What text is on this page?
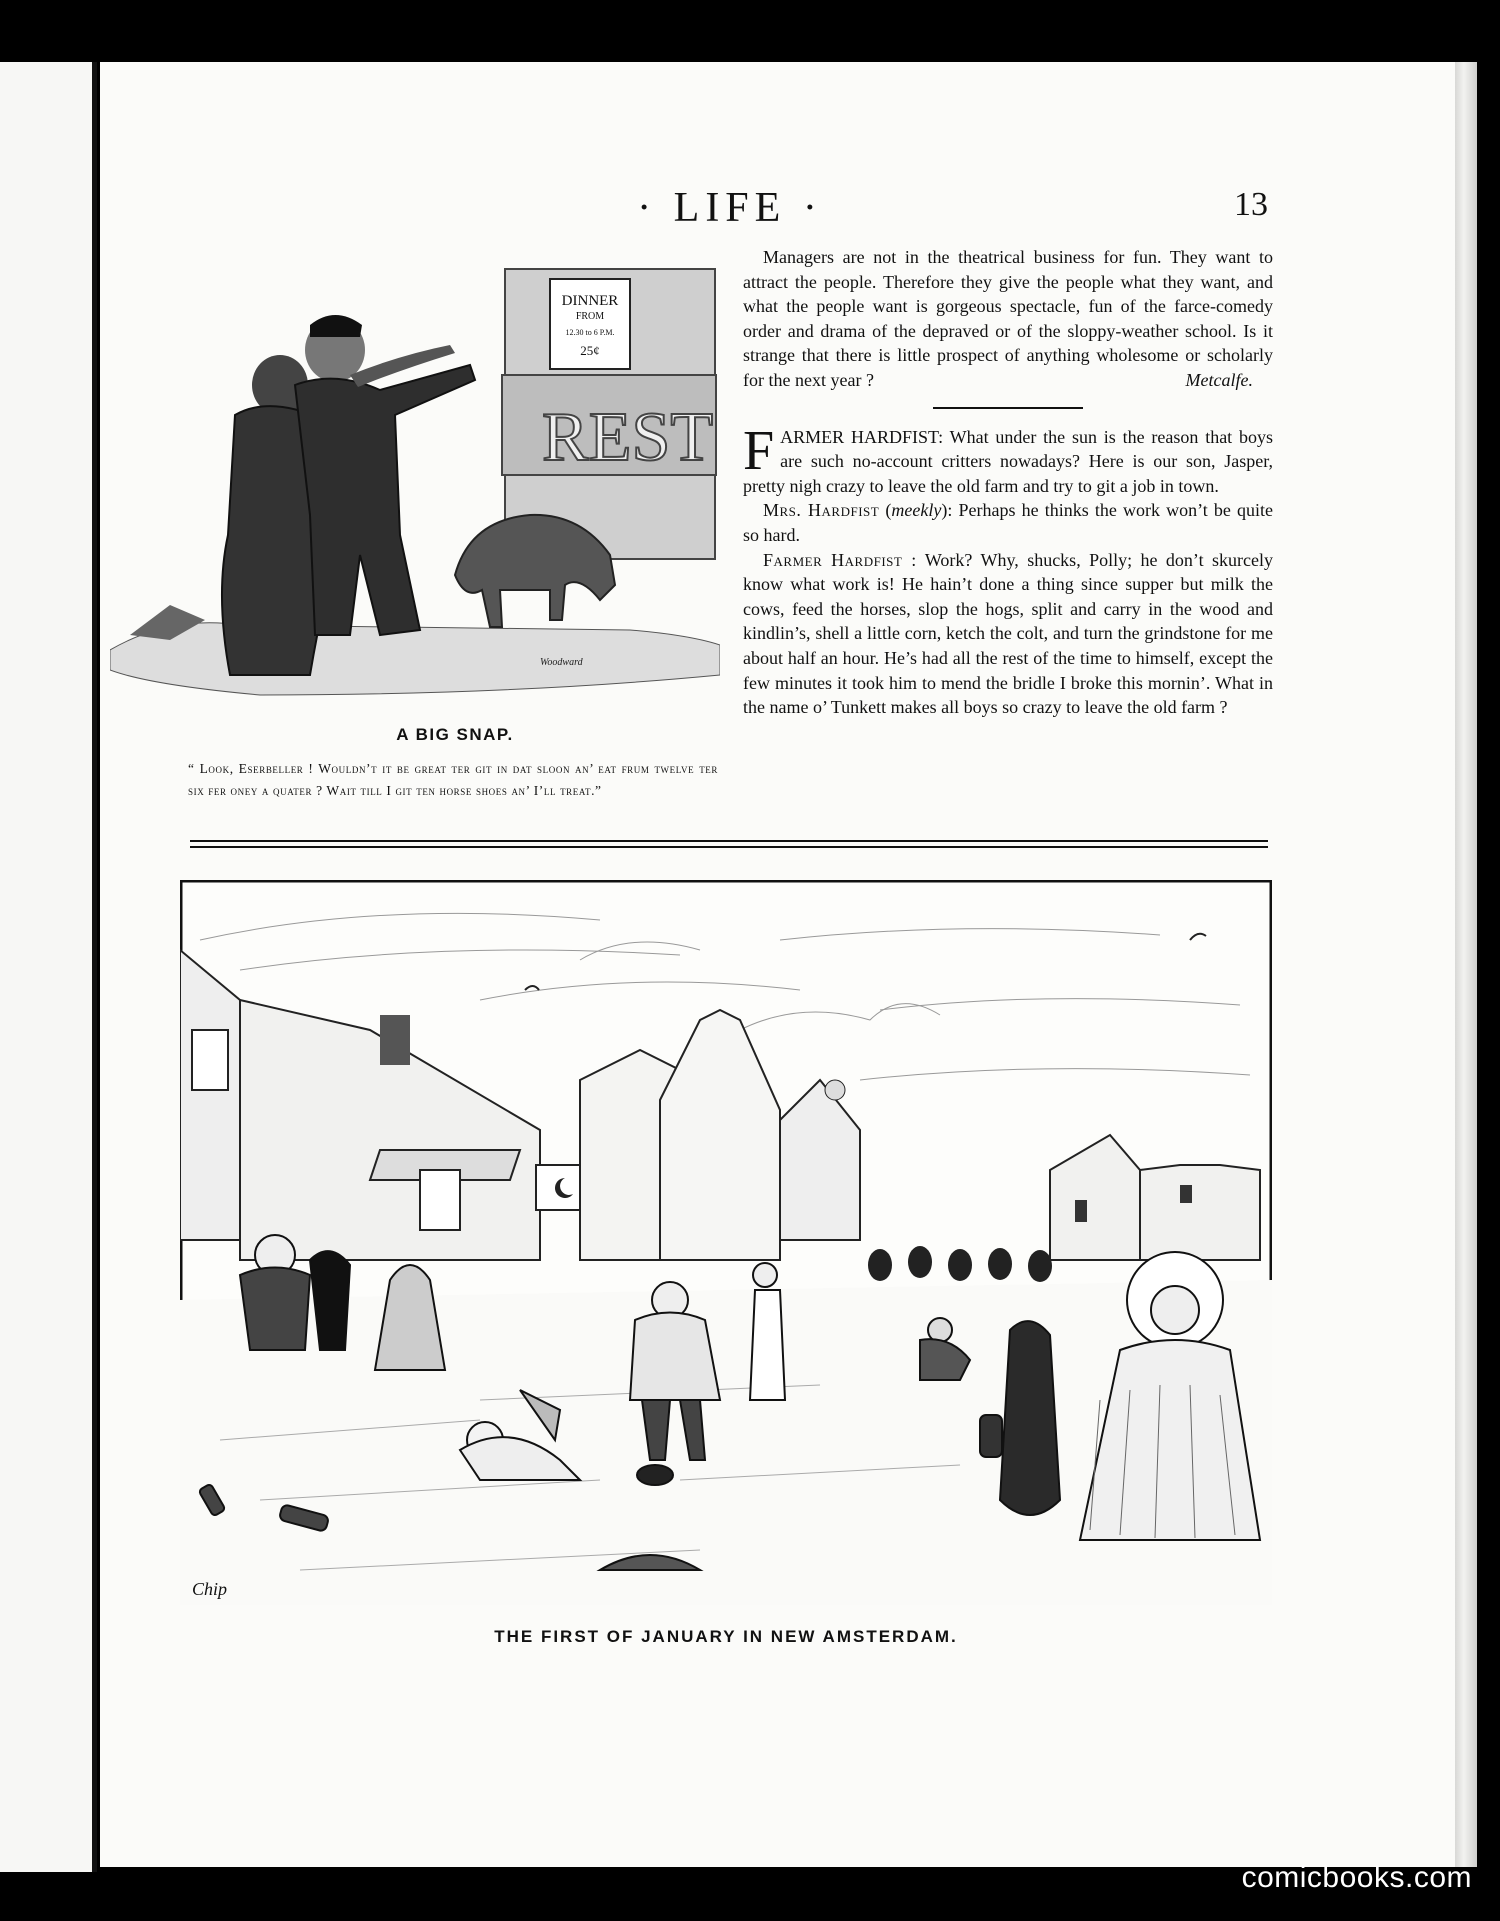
· LIFE ·	13
REST
DINNER
FROM
12.30 to 6 P.M.
25¢
Woodward
A BIG SNAP.
“ Look, Eserbeller ! Wouldn’t it be great ter git in dat sloon an’ eat frum twelve ter six fer oney a quater ? Wait till I git ten horse shoes an’ I’ll treat.”

Managers are not in the theatrical business for fun. They want to attract the people. Therefore they give the people what they want, and what the people want is gorgeous spectacle, fun of the farce-comedy order and drama of the depraved or of the sloppy-weather school. Is it strange that there is little prospect of anything wholesome or scholarly for the next year ?	Metcalfe.

FARMER HARDFIST: What under the sun is the reason that boys are such no-account critters nowadays? Here is our son, Jasper, pretty nigh crazy to leave the old farm and try to git a job in town.

Mrs. Hardfist (meekly): Perhaps he thinks the work won’t be quite so hard.

Farmer Hardfist : Work? Why, shucks, Polly; he don’t skurcely know what work is! He hain’t done a thing since supper but milk the cows, feed the horses, slop the hogs, split and carry in the wood and kindlin’s, shell a little corn, ketch the colt, and turn the grindstone for me about half an hour. He’s had all the rest of the time to himself, except the few minutes it took him to mend the bridle I broke this mornin’. What in the name o’ Tunkett makes all boys so crazy to leave the old farm ?

Chip
THE FIRST OF JANUARY IN NEW AMSTERDAM.
comicbooks.com
